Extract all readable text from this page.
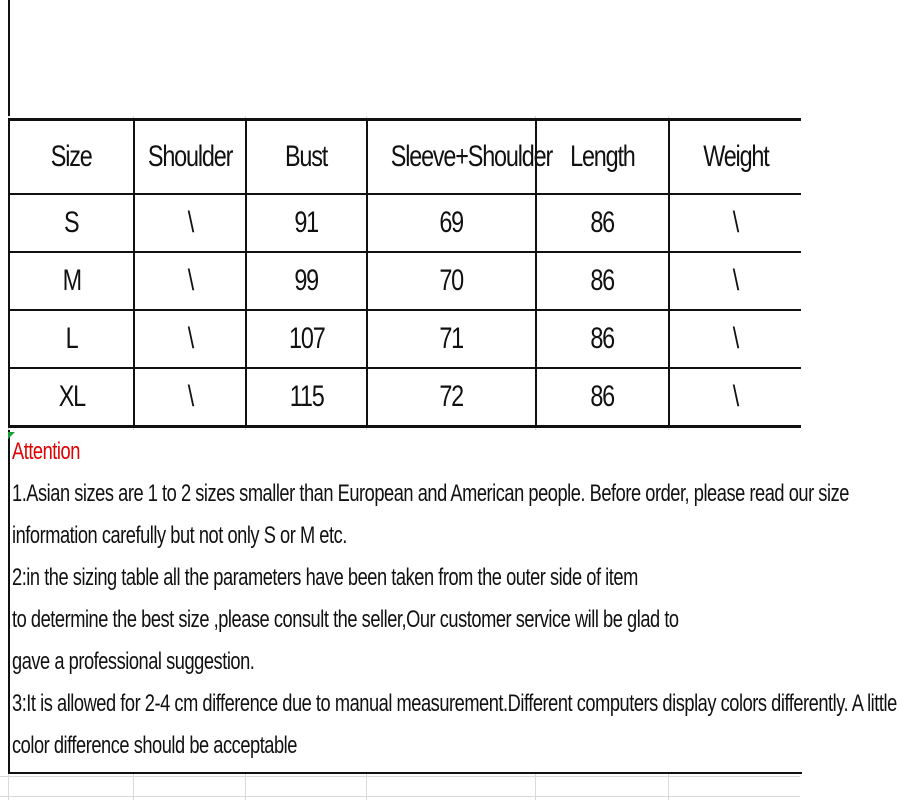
Size	Shoulder	Bust	Sleeve+Shoulder	Length	Weight
S	\	91	69	86	\
M	\	99	70	86	\
L	\	107	71	86	\
XL	\	115	72	86	\
Attention
1.Asian sizes are 1 to 2 sizes smaller than European and American people. Before order, please read our size
information carefully but not only S or M etc.
2:in the sizing table all the parameters have been taken from the outer side of item
to determine the best size ,please consult the seller,Our customer service will be glad to
gave a professional suggestion.
3:It is allowed for 2-4 cm difference due to manual measurement.Different computers display colors differently. A little
color difference should be acceptable
